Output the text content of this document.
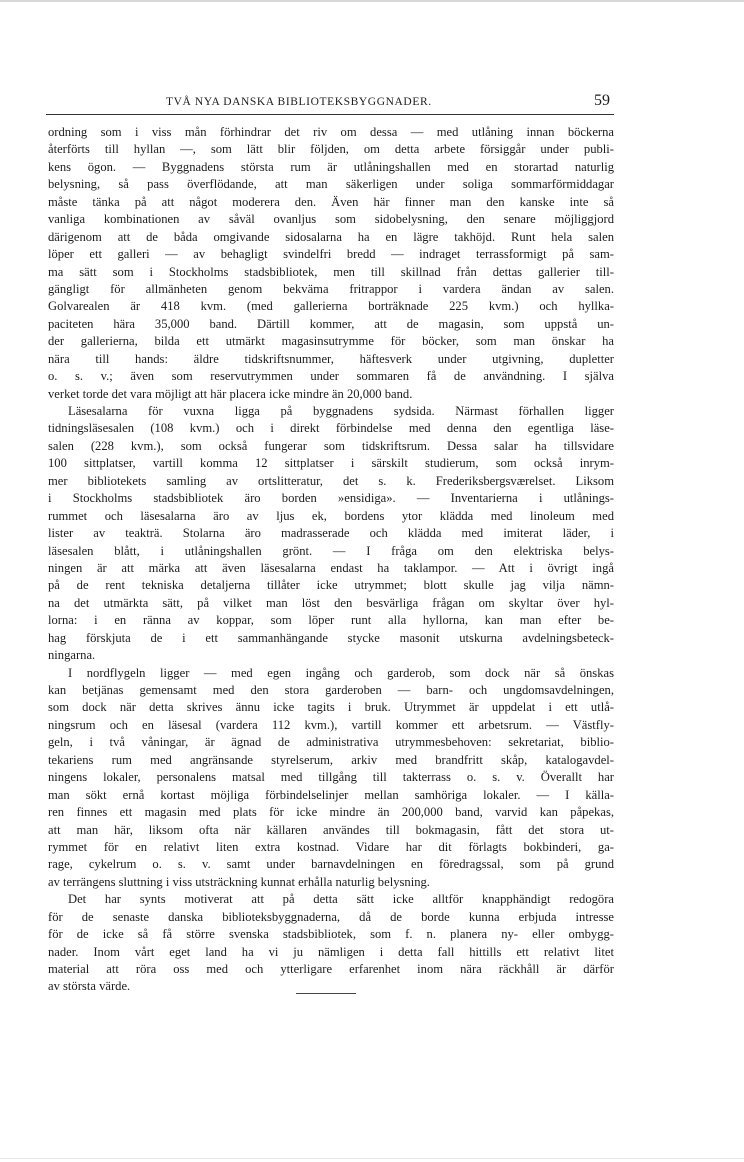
TVÅ NYA DANSKA BIBLIOTEKSBYGGNADER.	59
ordning som i viss mån förhindrar det riv om dessa — med utlåning innan böckerna
återförts till hyllan —, som lätt blir följden, om detta arbete försiggår under publi-
kens ögon. — Byggnadens största rum är utlåningshallen med en storartad naturlig
belysning, så pass överflödande, att man säkerligen under soliga sommarförmiddagar
måste tänka på att något moderera den. Även här finner man den kanske inte så
vanliga kombinationen av såväl ovanljus som sidobelysning, den senare möjliggjord
därigenom att de båda omgivande sidosalarna ha en lägre takhöjd. Runt hela salen
löper ett galleri — av behagligt svindelfri bredd — indraget terrassformigt på sam-
ma sätt som i Stockholms stadsbibliotek, men till skillnad från dettas gallerier till-
gängligt för allmänheten genom bekväma fritrappor i vardera ändan av salen.
Golvarealen är 418 kvm. (med gallerierna borträknade 225 kvm.) och hyllka-
paciteten härа 35,000 band. Därtill kommer, att de magasin, som uppstå un-
der gallerierna, bilda ett utmärkt magasinsutrymme för böcker, som man önskar ha
nära till hands: äldre tidskriftsnummer, häftesverk under utgivning, dupletter
o. s. v.; även som reservutrymmen under sommaren få de användning. I själva
verket torde det vara möjligt att här placera icke mindre än 20,000 band.
Läsesalarna för vuxna ligga på byggnadens sydsida. Närmast förhallen ligger
tidningsläsesalen (108 kvm.) och i direkt förbindelse med denna den egentliga läse-
salen (228 kvm.), som också fungerar som tidskriftsrum. Dessa salar ha tillsvidare
100 sittplatser, vartill komma 12 sittplatser i särskilt studierum, som också inrym-
mer bibliotekets samling av ortslitteratur, det s. k. Frederiksbergsværelset. Liksom
i Stockholms stadsbibliotek äro borden »ensidiga». — Inventarierna i utlånings-
rummet och läsesalarna äro av ljus ek, bordens ytor klädda med linoleum med
lister av teakträ. Stolarna äro madrasserade och klädda med imiterat läder, i
läsesalen blått, i utlåningshallen grönt. — I fråga om den elektriska belys-
ningen är att märka att även läsesalarna endast ha taklampor. — Att i övrigt ingå
på de rent tekniska detaljerna tillåter icke utrymmet; blott skulle jag vilja nämn-
na det utmärkta sätt, på vilket man löst den besvärliga frågan om skyltar över hyl-
lorna: i en ränna av koppar, som löper runt alla hyllorna, kan man efter be-
hag förskjuta de i ett sammanhängande stycke masonit utskurna avdelningsbeteck-
ningarna.
I nordflygeln ligger — med egen ingång och garderob, som dock när så önskas
kan betjänas gemensamt med den stora garderoben — barn- och ungdomsavdelningen,
som dock när detta skrives ännu icke tagits i bruk. Utrymmet är uppdelat i ett utlå-
ningsrum och en läsesal (vardera 112 kvm.), vartill kommer ett arbetsrum. — Västfly-
geln, i två våningar, är ägnad de administrativa utrymmesbehoven: sekretariat, biblio-
tekariens rum med angränsande styrelserum, arkiv med brandfritt skåp, katalogavdel-
ningens lokaler, personalens matsal med tillgång till takterrass o. s. v. Överallt har
man sökt ernå kortast möjliga förbindelselinjer mellan samhöriga lokaler. — I källa-
ren finnes ett magasin med plats för icke mindre än 200,000 band, varvid kan påpekas,
att man här, liksom ofta när källaren användes till bokmagasin, fått det stora ut-
rymmet för en relativt liten extra kostnad. Vidare har dit förlagts bokbinderi, ga-
rage, cykelrum o. s. v. samt under barnavdelningen en föredragssal, som på grund
av terrängens sluttning i viss utsträckning kunnat erhålla naturlig belysning.
Det har synts motiverat att på detta sätt icke alltför knapphändigt redogöra
för de senaste danska biblioteksbyggnaderna, då de borde kunna erbjuda intresse
för de icke så få större svenska stadsbibliotek, som f. n. planera ny- eller ombygg-
nader. Inom vårt eget land ha vi ju nämligen i detta fall hittills ett relativt litet
material att röra oss med och ytterligare erfarenhet inom nära räckhåll är därför
av största värde.
